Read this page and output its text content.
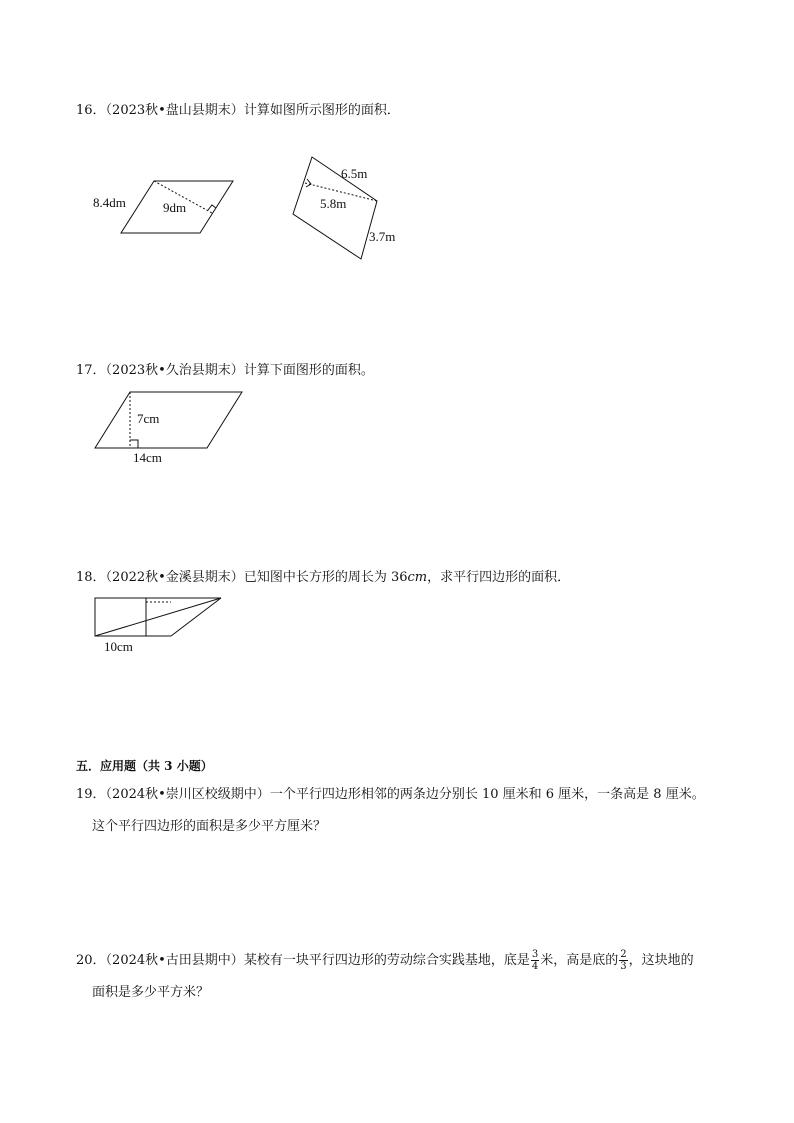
16．（2023秋•盘山县期末）计算如图所示图形的面积．
8.4dm	9dm
6.5m
5.8m
3.7m
17．（2023秋•久治县期末）计算下面图形的面积。
7cm
14cm
18．（2022秋•金溪县期末）已知图中长方形的周长为 36cm，求平行四边形的面积．
10cm
五．应用题（共 3 小题）
19．（2024秋•崇川区校级期中）一个平行四边形相邻的两条边分别长 10 厘米和 6 厘米，一条高是 8 厘米。
这个平行四边形的面积是多少平方厘米？
20．（2024秋•古田县期中）某校有一块平行四边形的劳动综合实践基地，底是 $\frac{3}{4}$ 米，高是底的 $\frac{2}{3}$ ，这块地的
面积是多少平方米？
